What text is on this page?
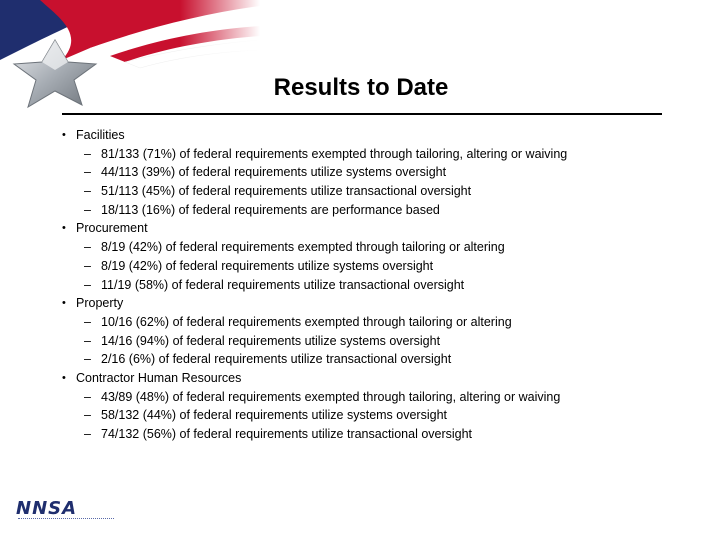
Results to Date
• Facilities
– 81/133 (71%) of federal requirements exempted through tailoring, altering or waiving
– 44/113 (39%) of federal requirements utilize systems oversight
– 51/113 (45%) of federal requirements utilize transactional oversight
– 18/113 (16%) of federal requirements are performance based
• Procurement
– 8/19 (42%) of federal requirements exempted through tailoring or altering
– 8/19 (42%) of federal requirements utilize systems oversight
– 11/19 (58%) of federal requirements utilize transactional oversight
• Property
– 10/16 (62%) of federal requirements exempted through tailoring or altering
– 14/16 (94%) of federal requirements utilize systems oversight
– 2/16 (6%) of federal requirements utilize transactional oversight
• Contractor Human Resources
– 43/89 (48%) of federal requirements exempted through tailoring, altering or waiving
– 58/132 (44%) of federal requirements utilize systems oversight
– 74/132 (56%) of federal requirements utilize transactional oversight
NNSA
